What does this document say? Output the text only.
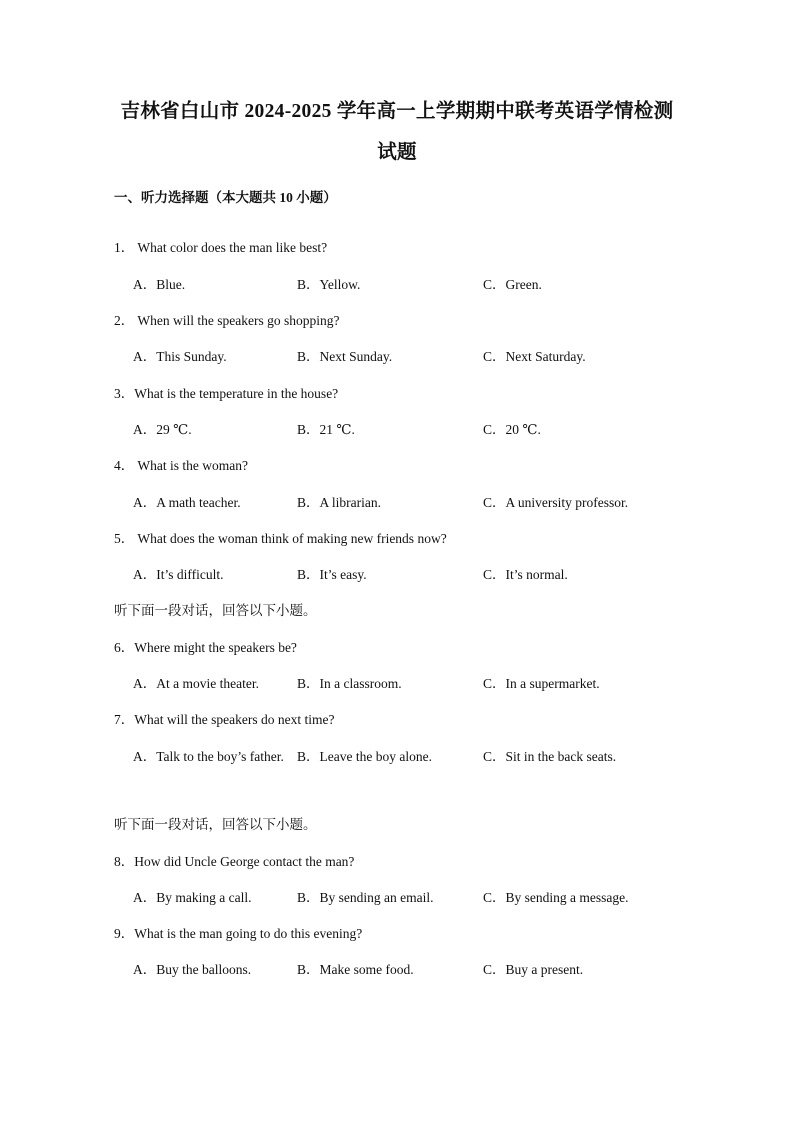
吉林省白山市 2024-2025 学年高一上学期期中联考英语学情检测
试题
一、听力选择题（本大题共 10 小题）
1． What color does the man like best?
A．Blue.	B．Yellow.	C．Green.
2． When will the speakers go shopping?
A．This Sunday.	B．Next Sunday.	C．Next Saturday.
3．What is the temperature in the house?
A．29 ℃.	B．21 ℃.	C．20 ℃.
4． What is the woman?
A．A math teacher.	B．A librarian.	C．A university professor.
5． What does the woman think of making new friends now?
A．It’s difficult.	B．It’s easy.	C．It’s normal.
听下面一段对话，回答以下小题。
6．Where might the speakers be?
A．At a movie theater.	B．In a classroom.	C．In a supermarket.
7．What will the speakers do next time?
A．Talk to the boy’s father. B．Leave the boy alone.	C．Sit in the back seats.
听下面一段对话，回答以下小题。
8．How did Uncle George contact the man?
A．By making a call.	B．By sending an email.	C．By sending a message.
9．What is the man going to do this evening?
A．Buy the balloons.	B．Make some food.	C．Buy a present.
